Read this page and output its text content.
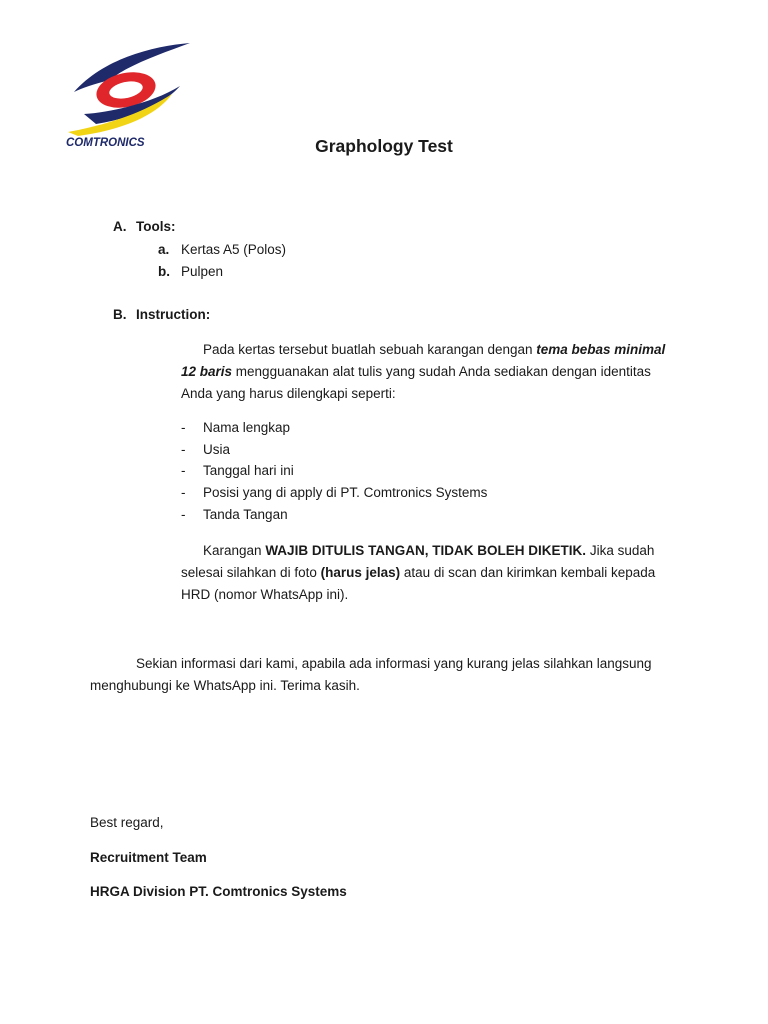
COMTRONICS	Graphology Test
A. Tools:
a. Kertas A5 (Polos)
b. Pulpen
B. Instruction:
Pada kertas tersebut buatlah sebuah karangan dengan tema bebas minimal 12 baris mengguanakan alat tulis yang sudah Anda sediakan dengan identitas Anda yang harus dilengkapi seperti:
- Nama lengkap
- Usia
- Tanggal hari ini
- Posisi yang di apply di PT. Comtronics Systems
- Tanda Tangan
Karangan WAJIB DITULIS TANGAN, TIDAK BOLEH DIKETIK. Jika sudah selesai silahkan di foto (harus jelas) atau di scan dan kirimkan kembali kepada HRD (nomor WhatsApp ini).
Sekian informasi dari kami, apabila ada informasi yang kurang jelas silahkan langsung menghubungi ke WhatsApp ini. Terima kasih.
Best regard,
Recruitment Team
HRGA Division PT. Comtronics Systems
